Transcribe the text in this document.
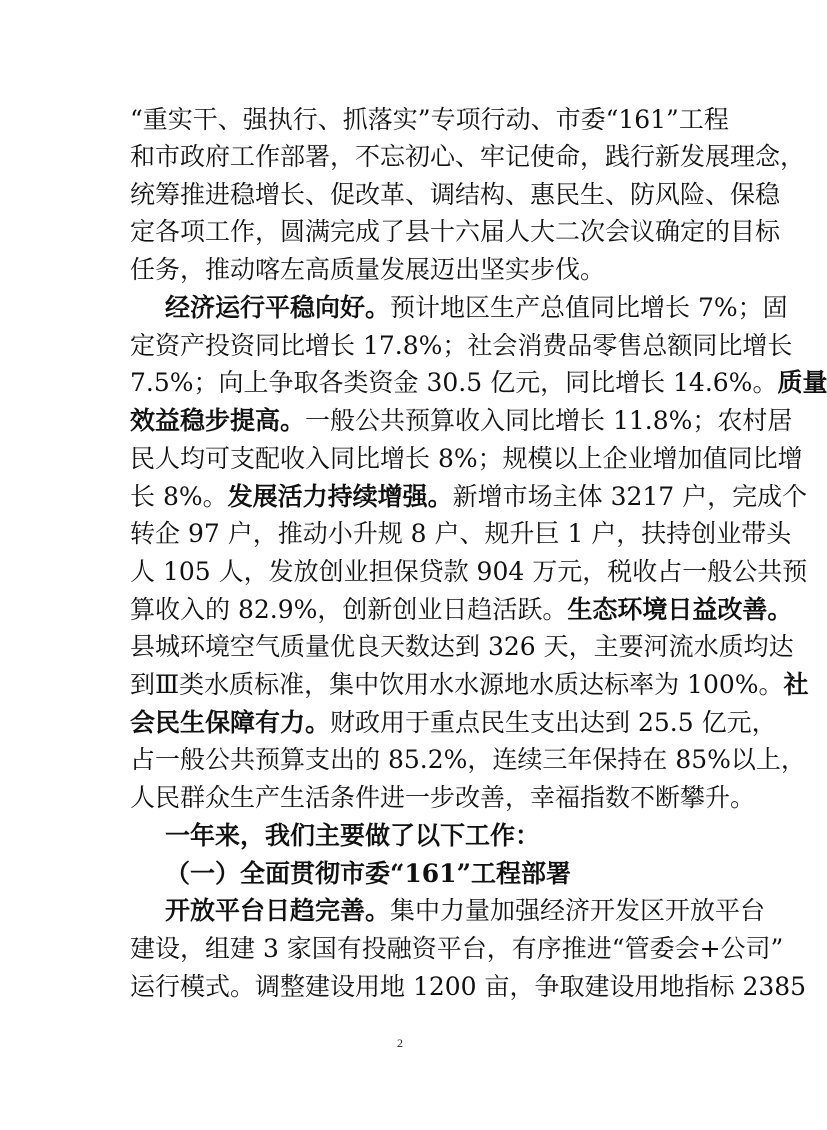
“重实干、强执行、抓落实”专项行动、市委“161”工程
和市政府工作部署，不忘初心、牢记使命，践行新发展理念，
统筹推进稳增长、促改革、调结构、惠民生、防风险、保稳
定各项工作，圆满完成了县十六届人大二次会议确定的目标
任务，推动喀左高质量发展迈出坚实步伐。
经济运行平稳向好。预计地区生产总值同比增长 7%；固
定资产投资同比增长 17.8%；社会消费品零售总额同比增长
7.5%；向上争取各类资金 30.5 亿元，同比增长 14.6%。质量
效益稳步提高。一般公共预算收入同比增长 11.8%；农村居
民人均可支配收入同比增长 8%；规模以上企业增加值同比增
长 8%。发展活力持续增强。新增市场主体 3217 户，完成个
转企 97 户，推动小升规 8 户、规升巨 1 户，扶持创业带头
人 105 人，发放创业担保贷款 904 万元，税收占一般公共预
算收入的 82.9%，创新创业日趋活跃。生态环境日益改善。
县城环境空气质量优良天数达到 326 天，主要河流水质均达
到Ⅲ类水质标准，集中饮用水水源地水质达标率为 100%。社
会民生保障有力。财政用于重点民生支出达到 25.5 亿元，
占一般公共预算支出的 85.2%，连续三年保持在 85%以上，
人民群众生产生活条件进一步改善，幸福指数不断攀升。
一年来，我们主要做了以下工作：
（一）全面贯彻市委“161”工程部署
开放平台日趋完善。集中力量加强经济开发区开放平台
建设，组建 3 家国有投融资平台，有序推进“管委会+公司”
运行模式。调整建设用地 1200 亩，争取建设用地指标 2385
2
